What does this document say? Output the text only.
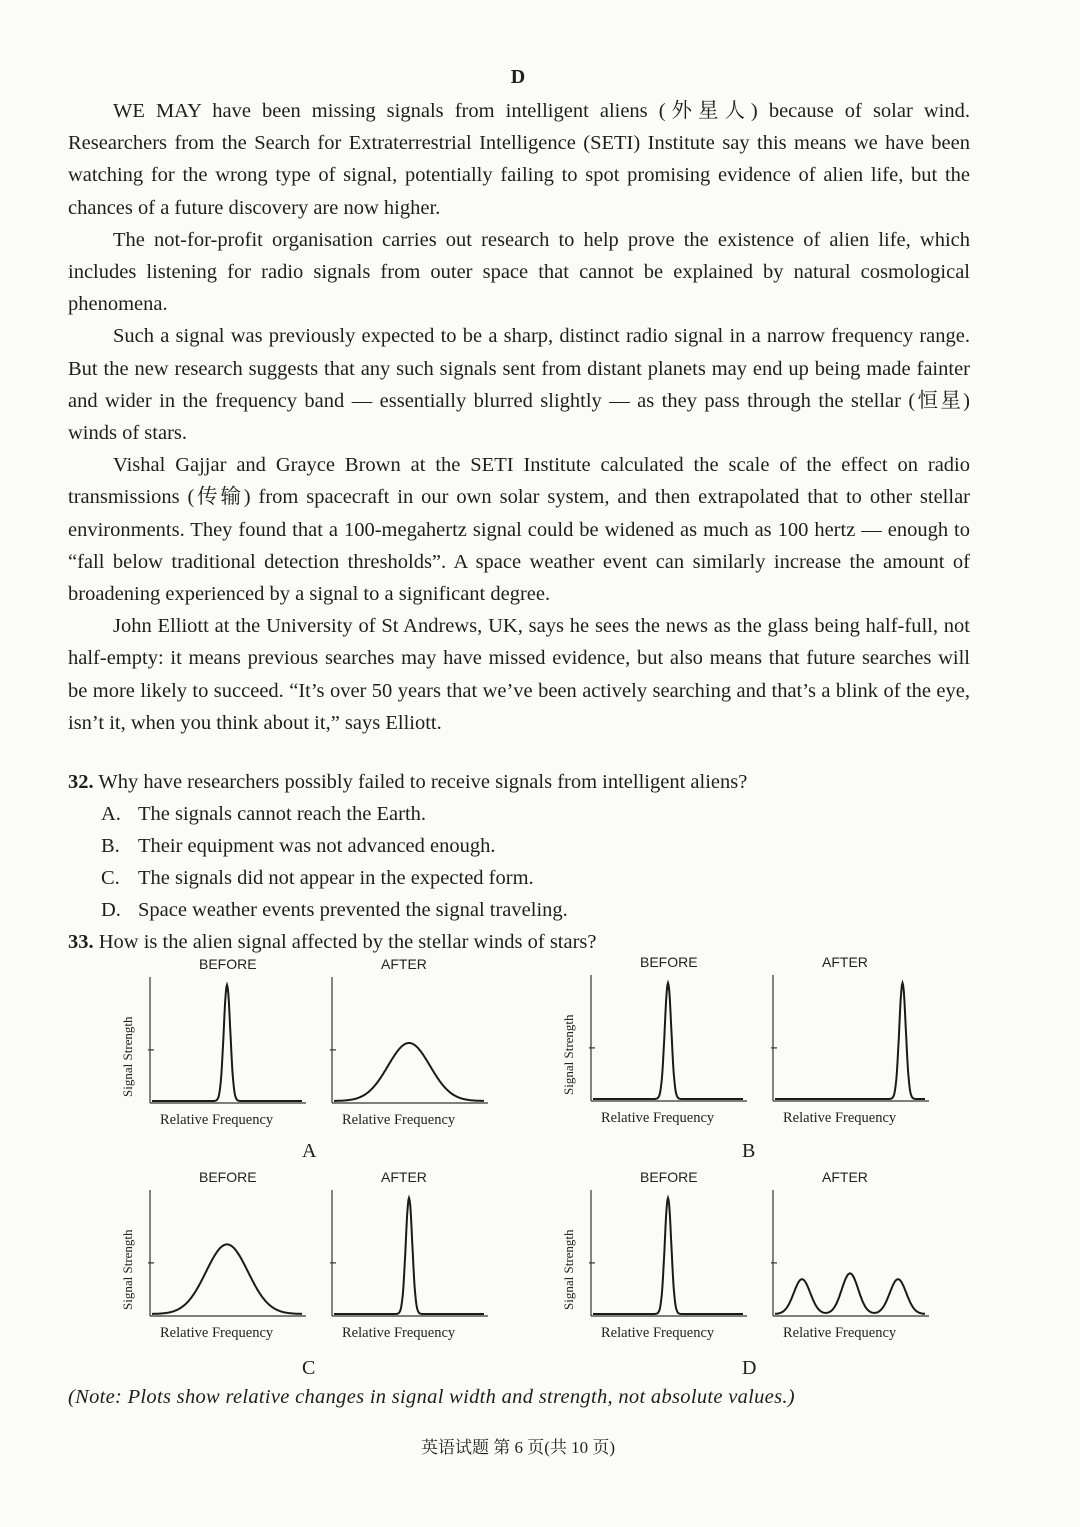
D

WE MAY have been missing signals from intelligent aliens (外星人) because of solar wind. Researchers from the Search for Extraterrestrial Intelligence (SETI) Institute say this means we have been watching for the wrong type of signal, potentially failing to spot promising evidence of alien life, but the chances of a future discovery are now higher.

The not-for-profit organisation carries out research to help prove the existence of alien life, which includes listening for radio signals from outer space that cannot be explained by natural cosmological phenomena.

Such a signal was previously expected to be a sharp, distinct radio signal in a narrow frequency range. But the new research suggests that any such signals sent from distant planets may end up being made fainter and wider in the frequency band — essentially blurred slightly — as they pass through the stellar (恒星) winds of stars.

Vishal Gajjar and Grayce Brown at the SETI Institute calculated the scale of the effect on radio transmissions (传输) from spacecraft in our own solar system, and then extrapolated that to other stellar environments. They found that a 100-megahertz signal could be widened as much as 100 hertz — enough to “fall below traditional detection thresholds”. A space weather event can similarly increase the amount of broadening experienced by a signal to a significant degree.

John Elliott at the University of St Andrews, UK, says he sees the news as the glass being half-full, not half-empty: it means previous searches may have missed evidence, but also means that future searches will be more likely to succeed. “It’s over 50 years that we’ve been actively searching and that’s a blink of the eye, isn’t it, when you think about it,” says Elliott.

32. Why have researchers possibly failed to receive signals from intelligent aliens?

A. The signals cannot reach the Earth.

B. Their equipment was not advanced enough.

C. The signals did not appear in the expected form.

D. Space weather events prevented the signal traveling.

33. How is the alien signal affected by the stellar winds of stars?

BEFORE
Relative Frequency
Signal Strength
AFTER
Relative Frequency
A
BEFORE
Relative Frequency
Signal Strength
AFTER
Relative Frequency
B
BEFORE
Relative Frequency
Signal Strength
AFTER
Relative Frequency
C
BEFORE
Relative Frequency
Signal Strength
AFTER
Relative Frequency
D
(Note: Plots show relative changes in signal width and strength, not absolute values.)
英语试题 第 6 页(共 10 页)
